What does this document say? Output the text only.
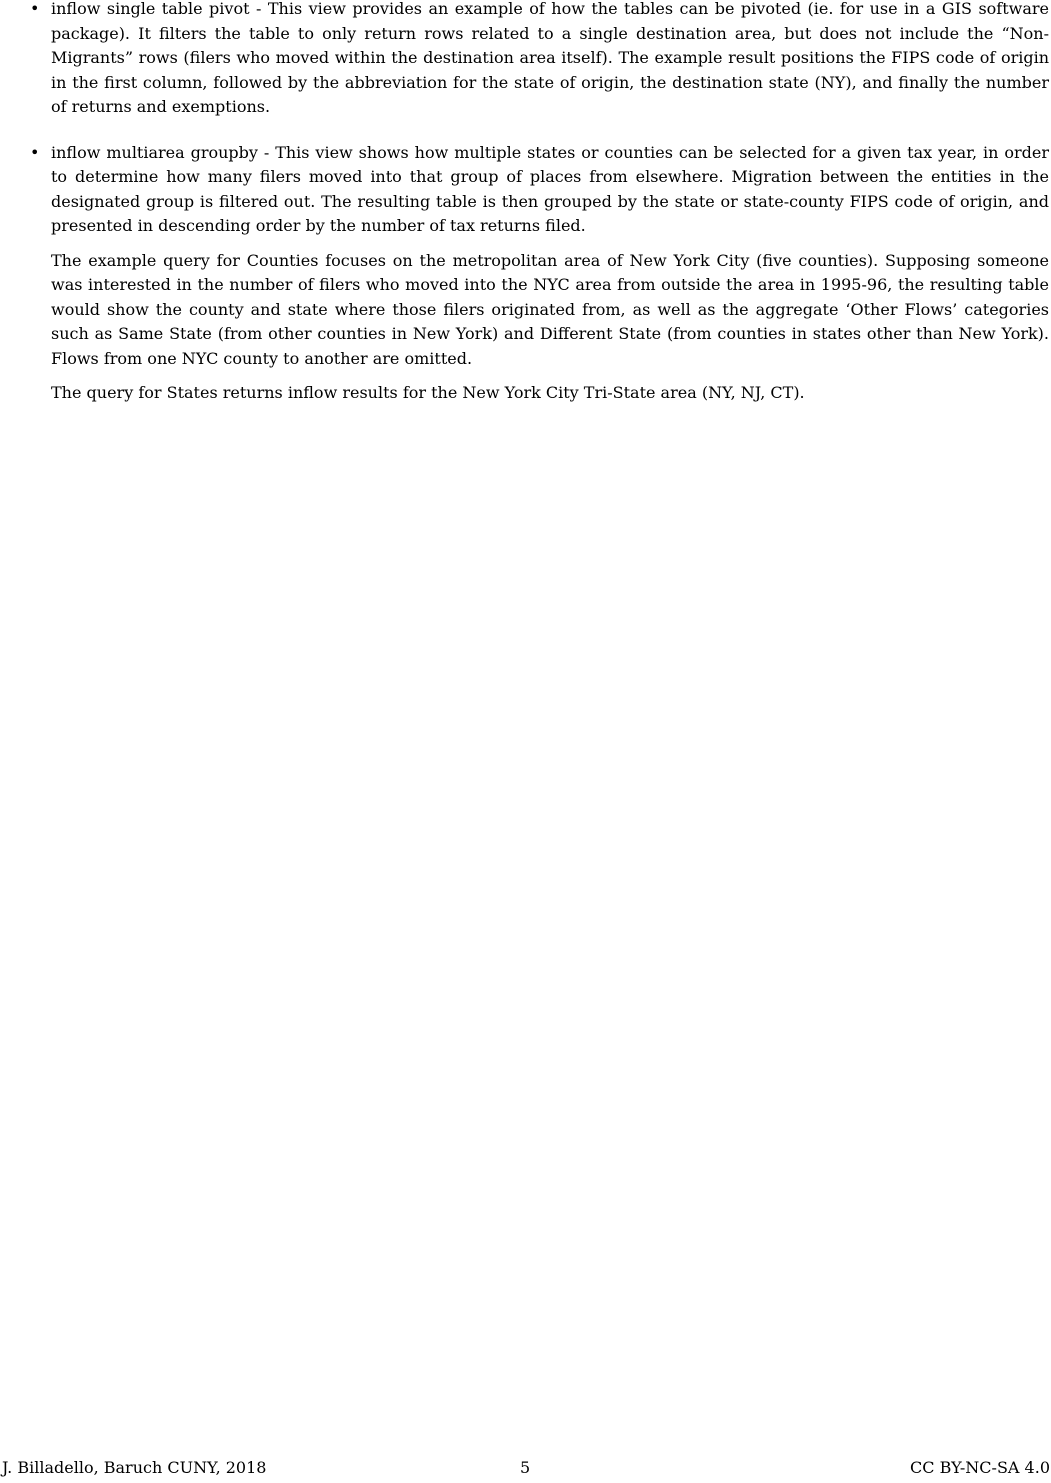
• inflow single table pivot - This view provides an example of how the tables can be pivoted (ie. for use in a GIS software package). It filters the table to only return rows related to a single destination area, but does not include the “Non-Migrants” rows (filers who moved within the destination area itself). The example result positions the FIPS code of origin in the first column, followed by the abbreviation for the state of origin, the destination state (NY), and finally the number of returns and exemptions.

• inflow multiarea groupby - This view shows how multiple states or counties can be selected for a given tax year, in order to determine how many filers moved into that group of places from elsewhere. Migration between the entities in the designated group is filtered out. The resulting table is then grouped by the state or state-county FIPS code of origin, and presented in descending order by the number of tax returns filed.

The example query for Counties focuses on the metropolitan area of New York City (five counties). Supposing someone was interested in the number of filers who moved into the NYC area from outside the area in 1995-96, the resulting table would show the county and state where those filers originated from, as well as the aggregate ‘Other Flows’ categories such as Same State (from other counties in New York) and Different State (from counties in states other than New York). Flows from one NYC county to another are omitted.

The query for States returns inflow results for the New York City Tri-State area (NY, NJ, CT).

J. Billadello, Baruch CUNY, 2018	5	CC BY-NC-SA 4.0
